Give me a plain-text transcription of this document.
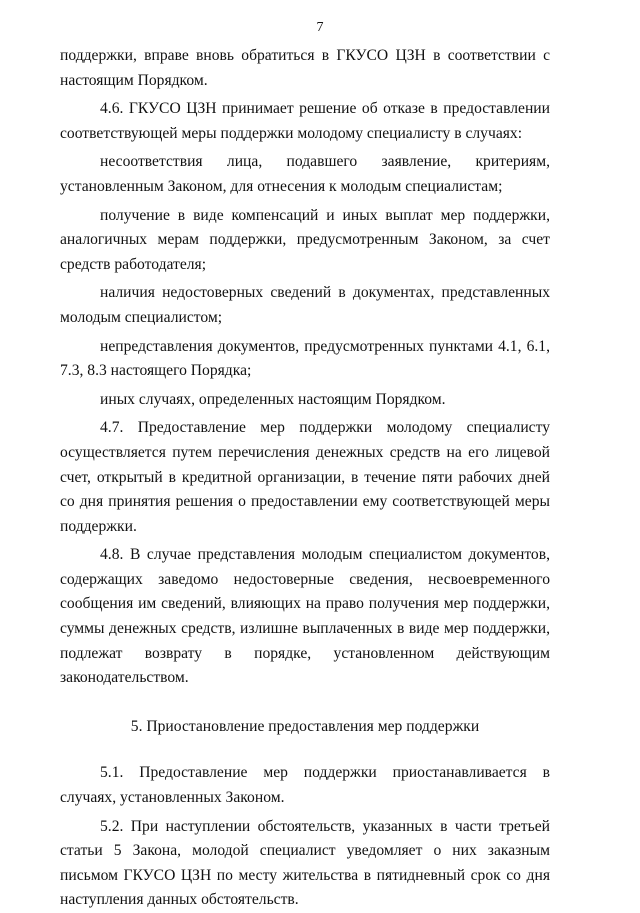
7

поддержки, вправе вновь обратиться в ГКУСО ЦЗН в соответствии с настоящим Порядком.

4.6. ГКУСО ЦЗН принимает решение об отказе в предоставлении соответствующей меры поддержки молодому специалисту в случаях:

несоответствия лица, подавшего заявление, критериям, установленным Законом, для отнесения к молодым специалистам;

получение в виде компенсаций и иных выплат мер поддержки, аналогичных мерам поддержки, предусмотренным Законом, за счет средств работодателя;

наличия недостоверных сведений в документах, представленных молодым специалистом;

непредставления документов, предусмотренных пунктами 4.1, 6.1, 7.3, 8.3 настоящего Порядка;

иных случаях, определенных настоящим Порядком.

4.7. Предоставление мер поддержки молодому специалисту осуществляется путем перечисления денежных средств на его лицевой счет, открытый в кредитной организации, в течение пяти рабочих дней со дня принятия решения о предоставлении ему соответствующей меры поддержки.

4.8. В случае представления молодым специалистом документов, содержащих заведомо недостоверные сведения, несвоевременного сообщения им сведений, влияющих на право получения мер поддержки, суммы денежных средств, излишне выплаченных в виде мер поддержки, подлежат возврату в порядке, установленном действующим законодательством.

5. Приостановление предоставления мер поддержки

5.1. Предоставление мер поддержки приостанавливается в случаях, установленных Законом.

5.2. При наступлении обстоятельств, указанных в части третьей статьи 5 Закона, молодой специалист уведомляет о них заказным письмом ГКУСО ЦЗН по месту жительства в пятидневный срок со дня наступления данных обстоятельств.
